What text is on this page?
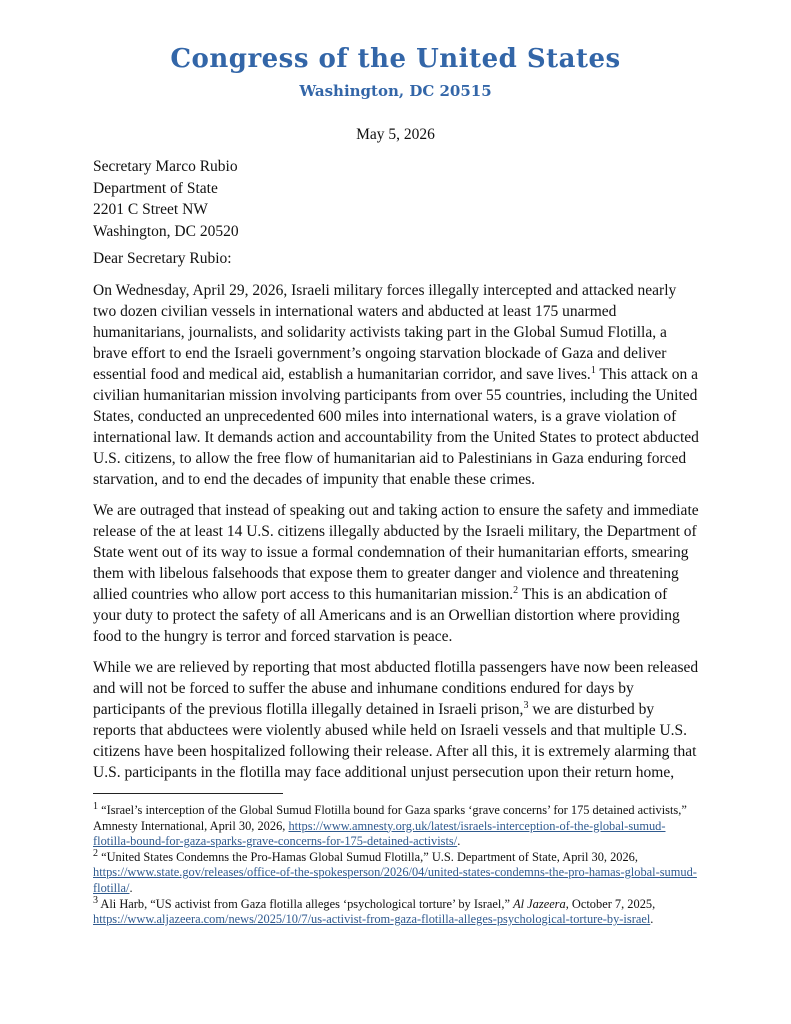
Congress of the United States
Washington, DC 20515
May 5, 2026
Secretary Marco Rubio
Department of State
2201 C Street NW
Washington, DC 20520
Dear Secretary Rubio:

On Wednesday, April 29, 2026, Israeli military forces illegally intercepted and attacked nearly two dozen civilian vessels in international waters and abducted at least 175 unarmed humanitarians, journalists, and solidarity activists taking part in the Global Sumud Flotilla, a brave effort to end the Israeli government’s ongoing starvation blockade of Gaza and deliver essential food and medical aid, establish a humanitarian corridor, and save lives.$^1$ This attack on a civilian humanitarian mission involving participants from over 55 countries, including the United States, conducted an unprecedented 600 miles into international waters, is a grave violation of international law. It demands action and accountability from the United States to protect abducted U.S. citizens, to allow the free flow of humanitarian aid to Palestinians in Gaza enduring forced starvation, and to end the decades of impunity that enable these crimes.

We are outraged that instead of speaking out and taking action to ensure the safety and immediate release of the at least 14 U.S. citizens illegally abducted by the Israeli military, the Department of State went out of its way to issue a formal condemnation of their humanitarian efforts, smearing them with libelous falsehoods that expose them to greater danger and violence and threatening allied countries who allow port access to this humanitarian mission.$^2$ This is an abdication of your duty to protect the safety of all Americans and is an Orwellian distortion where providing food to the hungry is terror and forced starvation is peace.

While we are relieved by reporting that most abducted flotilla passengers have now been released and will not be forced to suffer the abuse and inhumane conditions endured for days by participants of the previous flotilla illegally detained in Israeli prison,$^3$ we are disturbed by reports that abductees were violently abused while held on Israeli vessels and that multiple U.S. citizens have been hospitalized following their release. After all this, it is extremely alarming that U.S. participants in the flotilla may face additional unjust persecution upon their return home,

$^1$ “Israel’s interception of the Global Sumud Flotilla bound for Gaza sparks ‘grave concerns’ for 175 detained activists,” Amnesty International, April 30, 2026, https://www.amnesty.org.uk/latest/israels-interception-of-the-global-sumud-flotilla-bound-for-gaza-sparks-grave-concerns-for-175-detained-activists/.

$^2$ “United States Condemns the Pro-Hamas Global Sumud Flotilla,” U.S. Department of State, April 30, 2026, https://www.state.gov/releases/office-of-the-spokesperson/2026/04/united-states-condemns-the-pro-hamas-global-sumud-flotilla/.

$^3$ Ali Harb, “US activist from Gaza flotilla alleges ‘psychological torture’ by Israel,” Al Jazeera, October 7, 2025, https://www.aljazeera.com/news/2025/10/7/us-activist-from-gaza-flotilla-alleges-psychological-torture-by-israel.
